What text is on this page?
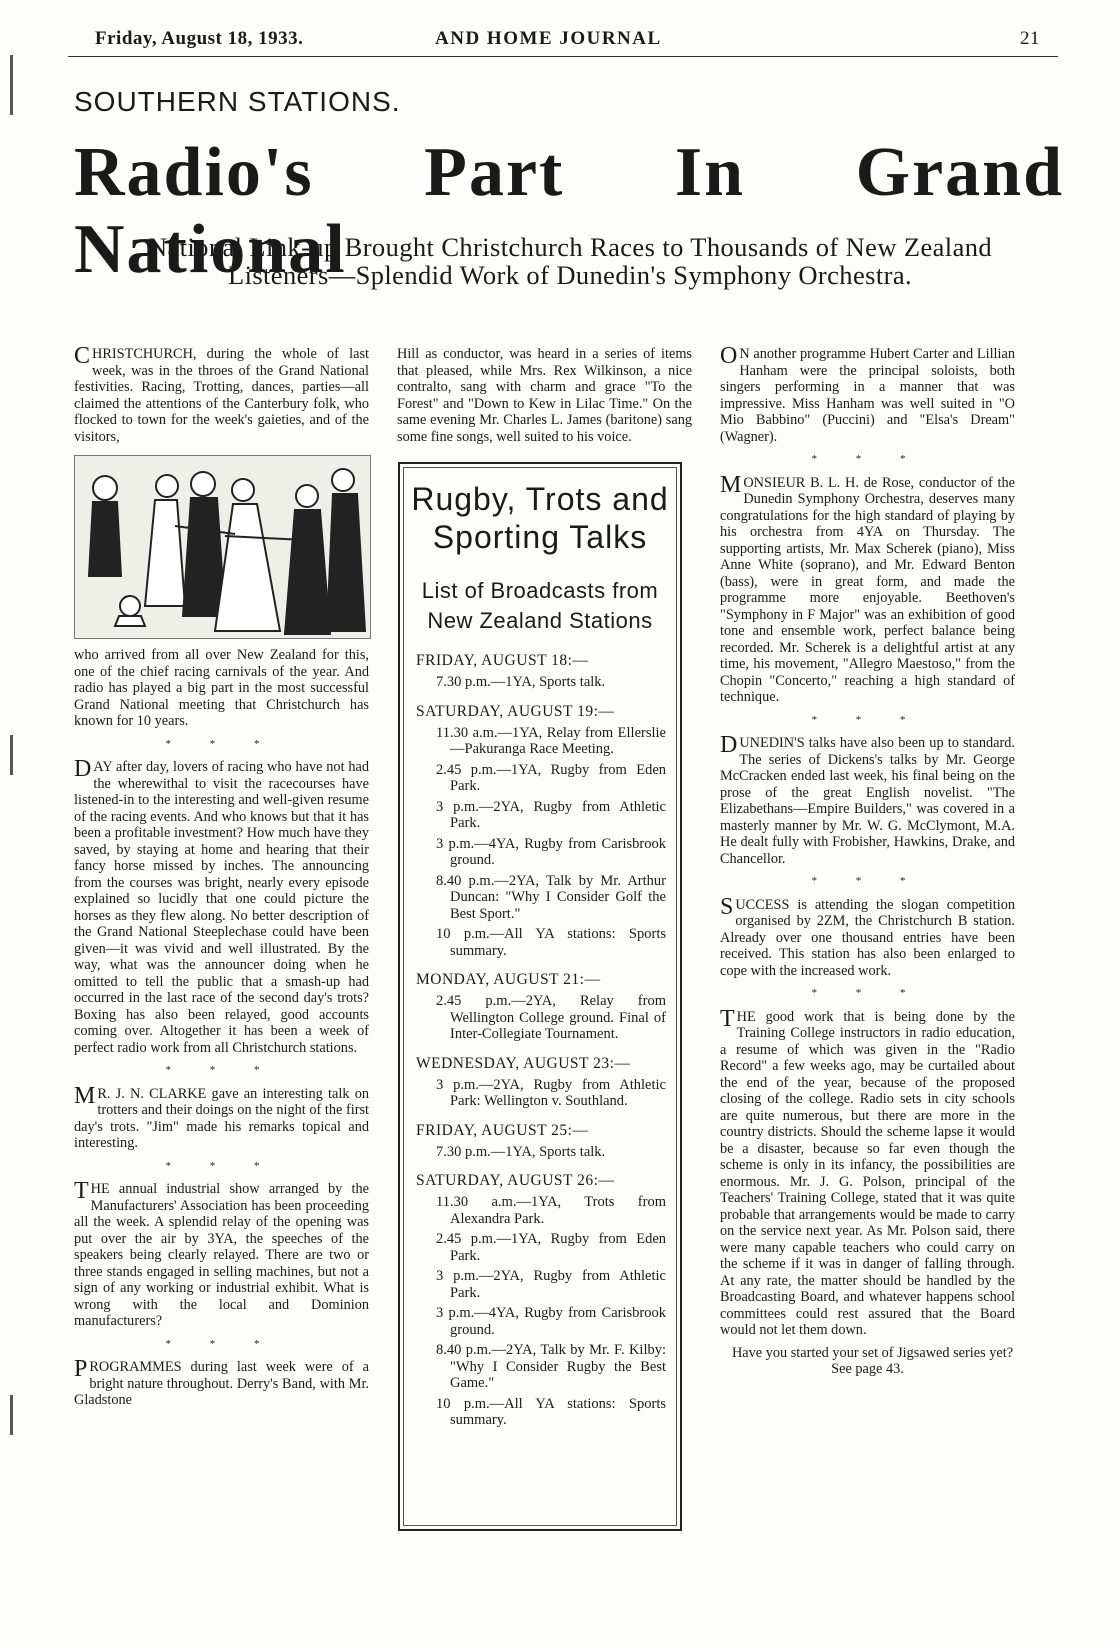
Friday, August 18, 1933.	AND HOME JOURNAL	21
SOUTHERN STATIONS.
Radio's Part In Grand National
National Link-up Brought Christchurch Races to Thousands of New Zealand Listeners—Splendid Work of Dunedin's Symphony Orchestra.

CHRISTCHURCH, during the whole of last week, was in the throes of the Grand National festivities. Racing, Trotting, dances, parties—all claimed the attentions of the Canterbury folk, who flocked to town for the week's gaieties, and of the visitors,

who arrived from all over New Zealand for this, one of the chief racing carnivals of the year. And radio has played a big part in the most successful Grand National meeting that Christchurch has known for 10 years.

* * *

DAY after day, lovers of racing who have not had the wherewithal to visit the racecourses have listened-in to the interesting and well-given resume of the racing events. And who knows but that it has been a profitable investment? How much have they saved, by staying at home and hearing that their fancy horse missed by inches. The announcing from the courses was bright, nearly every episode explained so lucidly that one could picture the horses as they flew along. No better description of the Grand National Steeplechase could have been given—it was vivid and well illustrated. By the way, what was the announcer doing when he omitted to tell the public that a smash-up had occurred in the last race of the second day's trots? Boxing has also been relayed, good accounts coming over. Altogether it has been a week of perfect radio work from all Christchurch stations.

* * *

MR. J. N. CLARKE gave an interesting talk on trotters and their doings on the night of the first day's trots. "Jim" made his remarks topical and interesting.

* * *

THE annual industrial show arranged by the Manufacturers' Association has been proceeding all the week. A splendid relay of the opening was put over the air by 3YA, the speeches of the speakers being clearly relayed. There are two or three stands engaged in selling machines, but not a sign of any working or industrial exhibit. What is wrong with the local and Dominion manufacturers?

* * *

PROGRAMMES during last week were of a bright nature throughout. Derry's Band, with Mr. Gladstone

Hill as conductor, was heard in a series of items that pleased, while Mrs. Rex Wilkinson, a nice contralto, sang with charm and grace "To the Forest" and "Down to Kew in Lilac Time." On the same evening Mr. Charles L. James (baritone) sang some fine songs, well suited to his voice.

Rugby, Trots and
Sporting Talks
List of Broadcasts from
New Zealand Stations
FRIDAY, AUGUST 18:—
7.30 p.m.—1YA, Sports talk.
SATURDAY, AUGUST 19:—
11.30 a.m.—1YA, Relay from Ellerslie—Pakuranga Race Meeting.
2.45 p.m.—1YA, Rugby from Eden Park.
3 p.m.—2YA, Rugby from Athletic Park.
3 p.m.—4YA, Rugby from Carisbrook ground.
8.40 p.m.—2YA, Talk by Mr. Arthur Duncan: "Why I Consider Golf the Best Sport."
10 p.m.—All YA stations: Sports summary.
MONDAY, AUGUST 21:—
2.45 p.m.—2YA, Relay from Wellington College ground. Final of Inter-Collegiate Tournament.
WEDNESDAY, AUGUST 23:—
3 p.m.—2YA, Rugby from Athletic Park: Wellington v. Southland.
FRIDAY, AUGUST 25:—
7.30 p.m.—1YA, Sports talk.
SATURDAY, AUGUST 26:—
11.30 a.m.—1YA, Trots from Alexandra Park.
2.45 p.m.—1YA, Rugby from Eden Park.
3 p.m.—2YA, Rugby from Athletic Park.
3 p.m.—4YA, Rugby from Carisbrook ground.
8.40 p.m.—2YA, Talk by Mr. F. Kilby: "Why I Consider Rugby the Best Game."
10 p.m.—All YA stations: Sports summary.

ON another programme Hubert Carter and Lillian Hanham were the principal soloists, both singers performing in a manner that was impressive. Miss Hanham was well suited in "O Mio Babbino" (Puccini) and "Elsa's Dream" (Wagner).

* * *

MONSIEUR B. L. H. de Rose, conductor of the Dunedin Symphony Orchestra, deserves many congratulations for the high standard of playing by his orchestra from 4YA on Thursday. The supporting artists, Mr. Max Scherek (piano), Miss Anne White (soprano), and Mr. Edward Benton (bass), were in great form, and made the programme more enjoyable. Beethoven's "Symphony in F Major" was an exhibition of good tone and ensemble work, perfect balance being recorded. Mr. Scherek is a delightful artist at any time, his movement, "Allegro Maestoso," from the Chopin "Concerto," reaching a high standard of technique.

* * *

DUNEDIN'S talks have also been up to standard. The series of Dickens's talks by Mr. George McCracken ended last week, his final being on the prose of the great English novelist. "The Elizabethans—Empire Builders," was covered in a masterly manner by Mr. W. G. McClymont, M.A. He dealt fully with Frobisher, Hawkins, Drake, and Chancellor.

* * *

SUCCESS is attending the slogan competition organised by 2ZM, the Christchurch B station. Already over one thousand entries have been received. This station has also been enlarged to cope with the increased work.

* * *

THE good work that is being done by the Training College instructors in radio education, a resume of which was given in the "Radio Record" a few weeks ago, may be curtailed about the end of the year, because of the proposed closing of the college. Radio sets in city schools are quite numerous, but there are more in the country districts. Should the scheme lapse it would be a disaster, because so far even though the scheme is only in its infancy, the possibilities are enormous. Mr. J. G. Polson, principal of the Teachers' Training College, stated that it was quite probable that arrangements would be made to carry on the service next year. As Mr. Polson said, there were many capable teachers who could carry on the scheme if it was in danger of falling through. At any rate, the matter should be handled by the Broadcasting Board, and whatever happens school committees could rest assured that the Board would not let them down.

Have you started your set of Jigsawed series yet? See page 43.
